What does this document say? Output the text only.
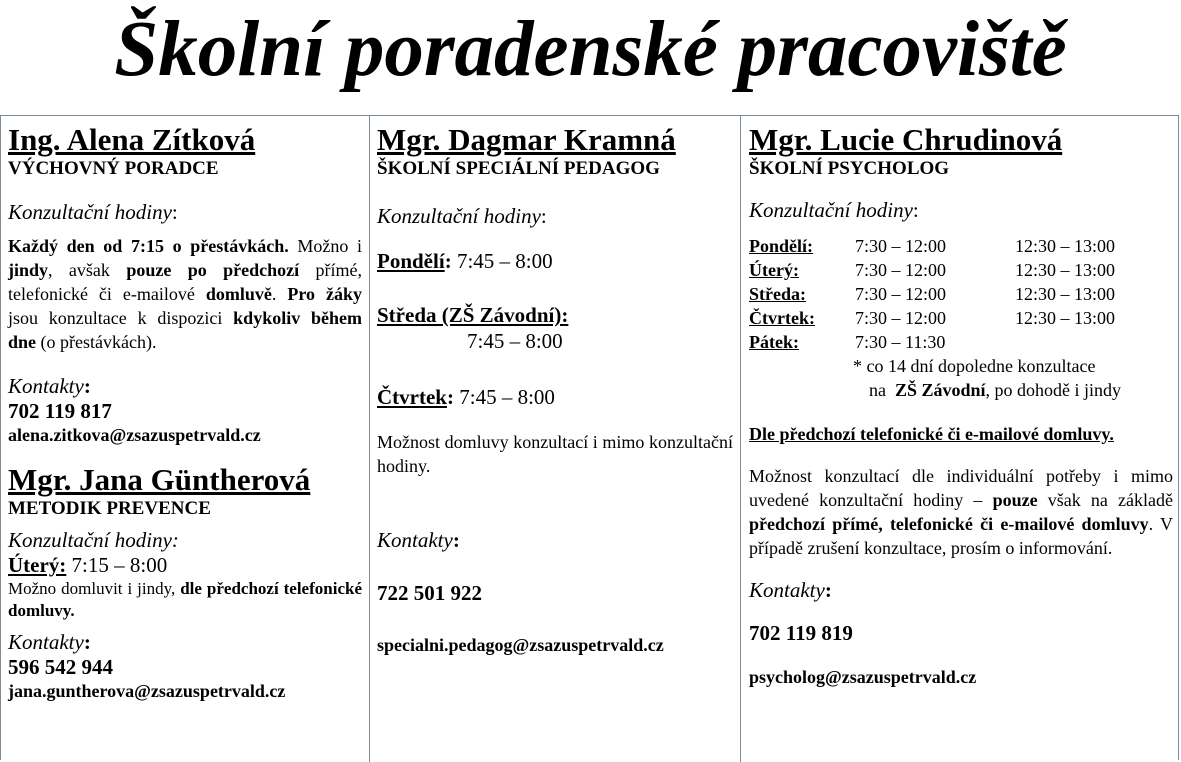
Školní poradenské pracoviště
Ing. Alena Zítková
VÝCHOVNÝ PORADCE
Konzultační hodiny:
Každý den od 7:15 o přestávkách. Možno i jindy, avšak pouze po předchozí přímé, telefonické či e-mailové domluvě. Pro žáky jsou konzultace k dispozici kdykoliv během dne (o přestávkách).
Kontakty:
702 119 817
alena.zitkova@zsazuspetrvald.cz
Mgr. Jana Güntherová
METODIK PREVENCE
Konzultační hodiny:
Úterý: 7:15 – 8:00
Možno domluvit i jindy, dle předchozí telefonické domluvy.
Kontakty:
596 542 944
jana.guntherova@zsazuspetrvald.cz
Mgr. Dagmar Kramná
ŠKOLNÍ SPECIÁLNÍ PEDAGOG
Konzultační hodiny:
Pondělí: 7:45 – 8:00
Středa (ZŠ Závodní):
7:45 – 8:00
Čtvrtek: 7:45 – 8:00
Možnost domluvy konzultací i mimo konzultační hodiny.
Kontakty:
722 501 922
specialni.pedagog@zsazuspetrvald.cz
Mgr. Lucie Chrudinová
ŠKOLNÍ PSYCHOLOG
Konzultační hodiny:
Pondělí:	7:30 – 12:00	12:30 – 13:00
Úterý:	7:30 – 12:00	12:30 – 13:00
Středa:	7:30 – 12:00	12:30 – 13:00
Čtvrtek:	7:30 – 12:00	12:30 – 13:00
Pátek:	7:30 – 11:30	
* co 14 dní dopoledne konzultace
na ZŠ Závodní, po dohodě i jindy
Dle předchozí telefonické či e-mailové domluvy.
Možnost konzultací dle individuální potřeby i mimo uvedené konzultační hodiny – pouze však na základě předchozí přímé, telefonické či e-mailové domluvy. V případě zrušení konzultace, prosím o informování.
Kontakty:
702 119 819
psycholog@zsazuspetrvald.cz
